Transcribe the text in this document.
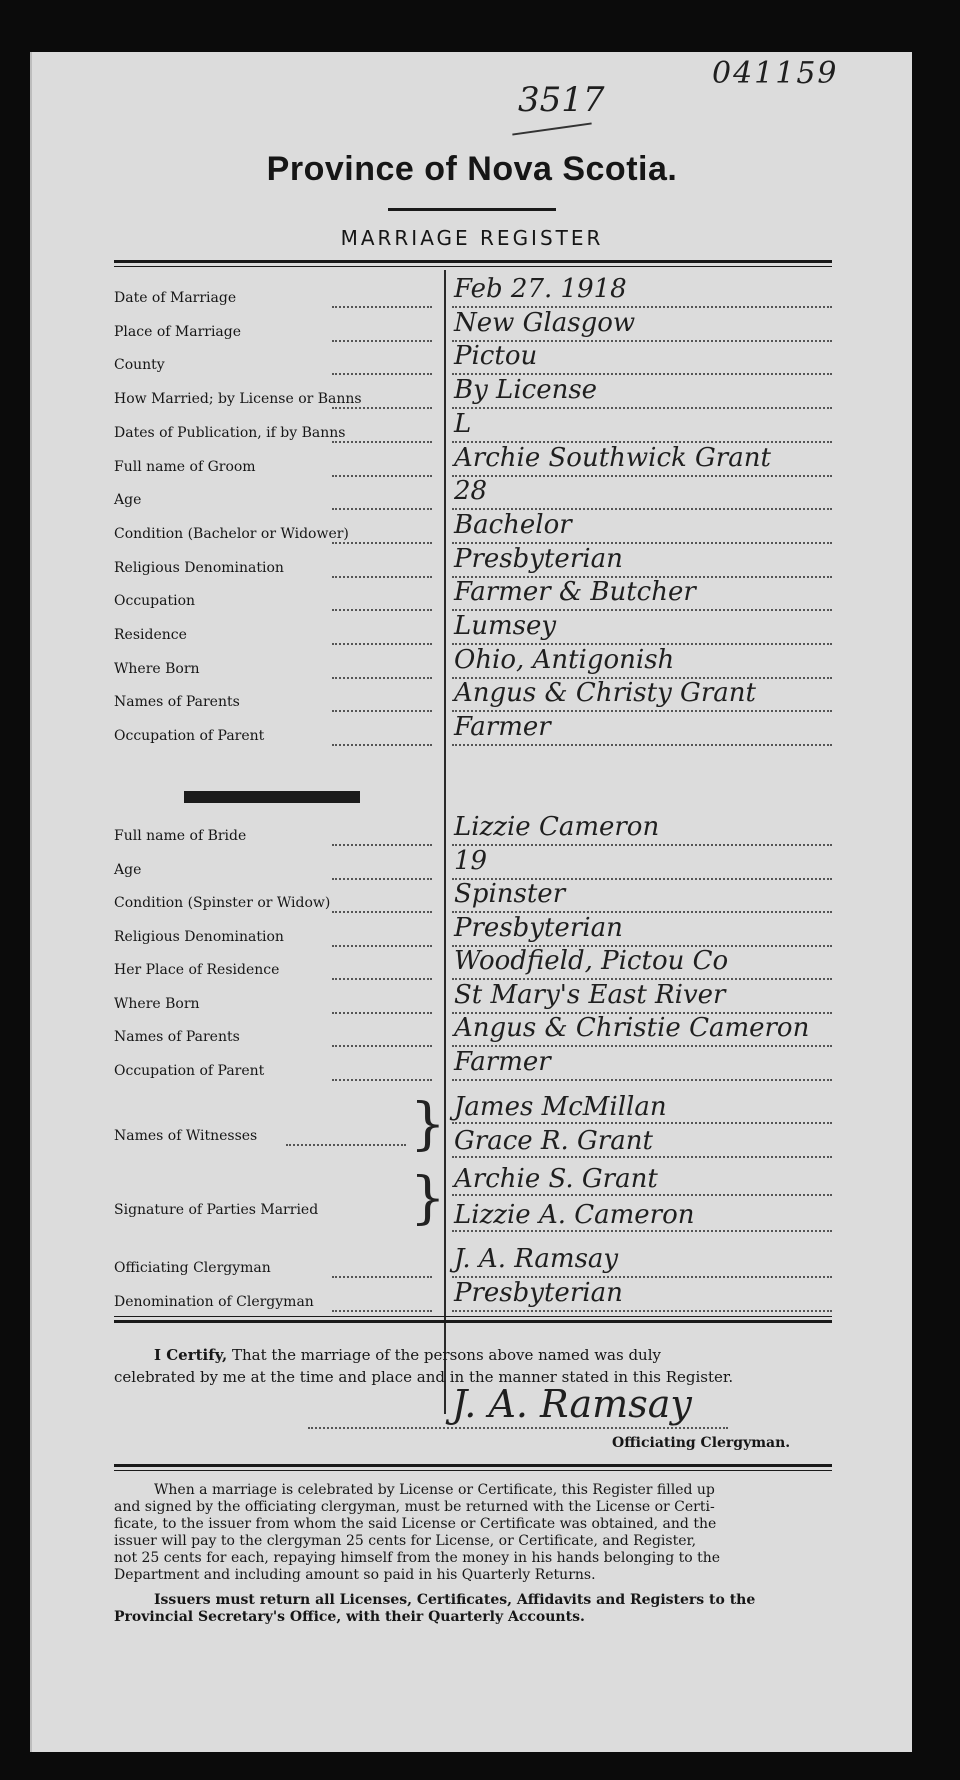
3517
041159
Province of Nova Scotia.
MARRIAGE REGISTER
Date of Marriage	Feb 27. 1918
Place of Marriage	New Glasgow
County	Pictou
How Married; by License or Banns	By License
Dates of Publication, if by Banns	L
Full name of Groom	Archie Southwick Grant
Age	28
Condition (Bachelor or Widower)	Bachelor
Religious Denomination	Presbyterian
Occupation	Farmer & Butcher
Residence	Lumsey
Where Born	Ohio, Antigonish
Names of Parents	Angus & Christy Grant
Occupation of Parent	Farmer
Full name of Bride	Lizzie Cameron
Age	19
Condition (Spinster or Widow)	Spinster
Religious Denomination	Presbyterian
Her Place of Residence	Woodfield, Pictou Co
Where Born	St Mary's East River
Names of Parents	Angus & Christie Cameron
Occupation of Parent	Farmer
Names of Witnesses	} James McMillan
Grace R. Grant
Signature of Parties Married } Archie S. Grant
Lizzie A. Cameron
Officiating Clergyman	J. A. Ramsay
Denomination of Clergyman	Presbyterian
I Certify, That the marriage of the persons above named was duly
celebrated by me at the time and place and in the manner stated in this Register.
J. A. Ramsay
Officiating Clergyman.
When a marriage is celebrated by License or Certificate, this Register filled up
and signed by the officiating clergyman, must be returned with the License or Certi-
ficate, to the issuer from whom the said License or Certificate was obtained, and the
issuer will pay to the clergyman 25 cents for License, or Certificate, and Register,
not 25 cents for each, repaying himself from the money in his hands belonging to the
Department and including amount so paid in his Quarterly Returns.
Issuers must return all Licenses, Certificates, Affidavits and Registers to the
Provincial Secretary's Office, with their Quarterly Accounts.
